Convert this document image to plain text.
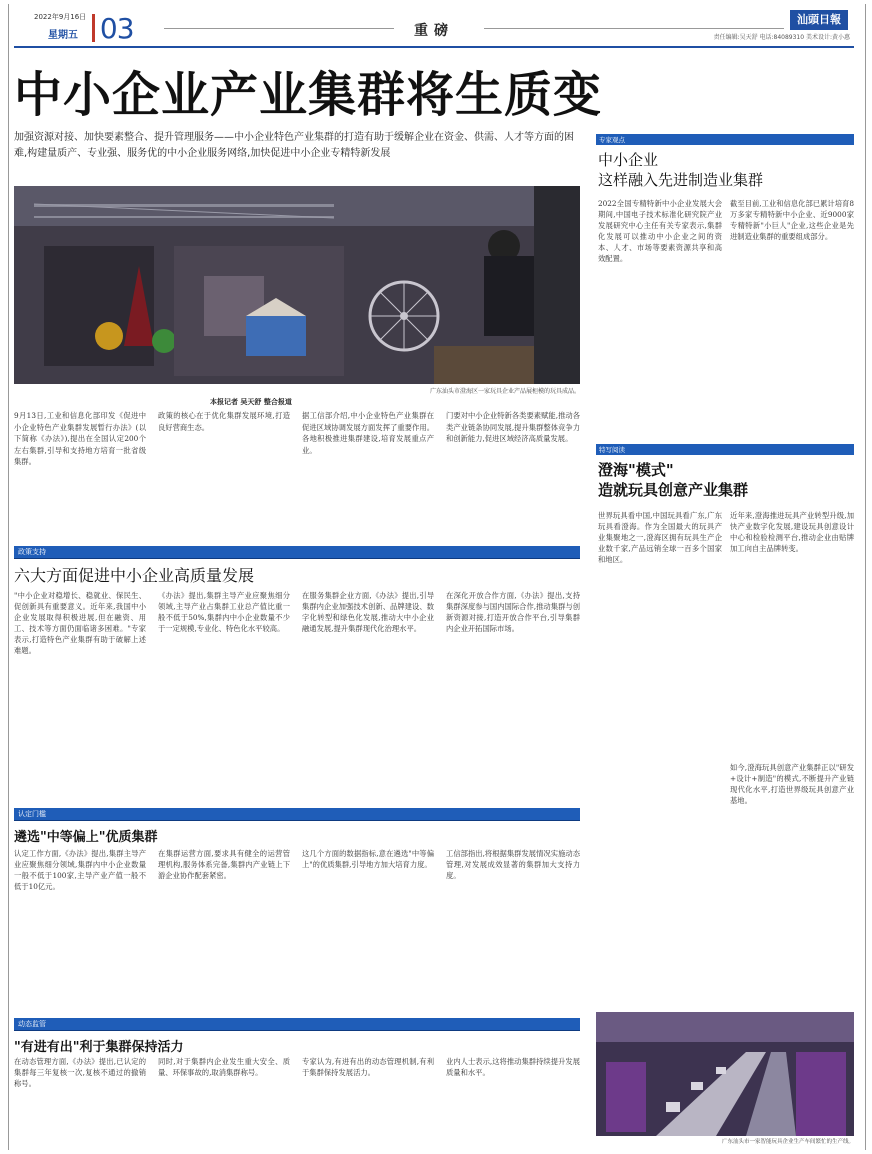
2022年9月16日
星期五 03	重磅
汕頭日報
责任编辑:吴天舒 电话:84089310 美术设计:黄小惠
中小企业产业集群将生质变
加强资源对接、加快要素整合、提升管理服务——中小企业特色产业集群的打造有助于缓解企业在资金、供需、人才等方面的困难,构建量质产、专业强、服务优的中小企业服务网络,加快促进中小企业专精特新发展
广东汕头市澄海区一家玩具企业产品展柜模的玩具成品。
本报记者 吴天舒 整合报道
9月13日,工业和信息化部印发《促进中小企业特色产业集群发展暂行办法》(以下简称《办法》),提出在全国认定200个左右集群,引导和支持地方培育一批省级集群。
政策的核心在于优化集群发展环境,打造良好营商生态。
据工信部介绍,中小企业特色产业集群在促进区域协调发展方面发挥了重要作用。各地积极推进集群建设,培育发展重点产业。
门要对中小企业特新各类要素赋能,推动各类产业链条协同发展,提升集群整体竞争力和创新能力,促进区域经济高质量发展。
政策支持
六大方面促进中小企业高质量发展
"中小企业对稳增长、稳就业、保民生、促创新具有重要意义。近年来,我国中小企业发展取得积极进展,但在融资、用工、技术等方面仍面临诸多困难。"专家表示,打造特色产业集群有助于破解上述难题。
《办法》提出,集群主导产业应聚焦细分领域,主导产业占集群工业总产值比重一般不低于50%,集群内中小企业数量不少于一定规模,专业化、特色化水平较高。
在服务集群企业方面,《办法》提出,引导集群内企业加强技术创新、品牌建设、数字化转型和绿色化发展,推动大中小企业融通发展,提升集群现代化治理水平。
在深化开放合作方面,《办法》提出,支持集群深度参与国内国际合作,推动集群与创新资源对接,打造开放合作平台,引导集群内企业开拓国际市场。
认定门槛
遴选"中等偏上"优质集群
认定工作方面,《办法》提出,集群主导产业应聚焦细分领域,集群内中小企业数量一般不低于100家,主导产业产值一般不低于10亿元。
在集群运营方面,要求具有健全的运营管理机构,服务体系完备,集群内产业链上下游企业协作配套紧密。
这几个方面的数据指标,意在遴选"中等偏上"的优质集群,引导地方加大培育力度。
工信部指出,将根据集群发展情况实施动态管理,对发展成效显著的集群加大支持力度。
动态监管
"有进有出"利于集群保持活力
在动态管理方面,《办法》提出,已认定的集群每三年复核一次,复核不通过的撤销称号。
同时,对于集群内企业发生重大安全、质量、环保事故的,取消集群称号。
专家认为,有进有出的动态管理机制,有利于集群保持发展活力。
业内人士表示,这将推动集群持续提升发展质量和水平。
专家观点
中小企业
这样融入先进制造业集群
2022全国专精特新中小企业发展大会期间,中国电子技术标准化研究院产业发展研究中心主任有关专家表示,集群化发展可以推动中小企业之间的资本、人才、市场等要素资源共享和高效配置。
截至目前,工业和信息化部已累计培育8万多家专精特新中小企业、近9000家专精特新"小巨人"企业,这些企业是先进制造业集群的重要组成部分。
特写阅读
澄海"模式"
造就玩具创意产业集群
世界玩具看中国,中国玩具看广东,广东玩具看澄海。作为全国最大的玩具产业集聚地之一,澄海区拥有玩具生产企业数千家,产品远销全球一百多个国家和地区。
近年来,澄海推进玩具产业转型升级,加快产业数字化发展,建设玩具创意设计中心和检验检测平台,推动企业由贴牌加工向自主品牌转变。
如今,澄海玩具创意产业集群正以"研发+设计+制造"的模式,不断提升产业链现代化水平,打造世界级玩具创意产业基地。
广东汕头市一家智能玩具企业生产车间繁忙的生产线。
